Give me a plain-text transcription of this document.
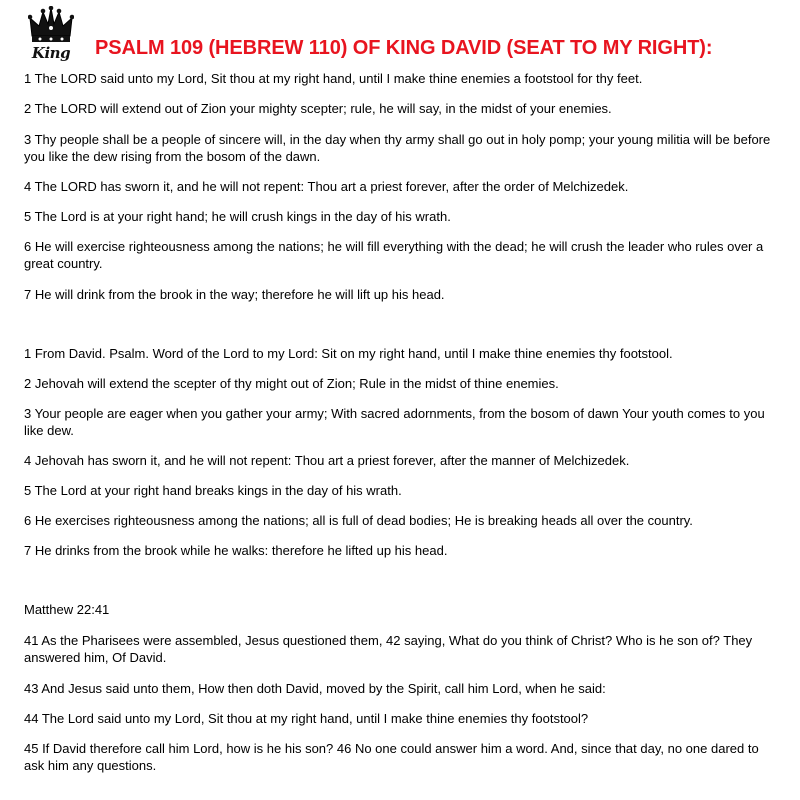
King PSALM 109 (HEBREW 110) OF KING DAVID (SEAT TO MY RIGHT):

1 The LORD said unto my Lord, Sit thou at my right hand, until I make thine enemies a footstool for thy feet.

2 The LORD will extend out of Zion your mighty scepter; rule, he will say, in the midst of your enemies.

3 Thy people shall be a people of sincere will, in the day when thy army shall go out in holy pomp; your young militia will be before you like the dew rising from the bosom of the dawn.

4 The LORD has sworn it, and he will not repent: Thou art a priest forever, after the order of Melchizedek.

5 The Lord is at your right hand; he will crush kings in the day of his wrath.

6 He will exercise righteousness among the nations; he will fill everything with the dead; he will crush the leader who rules over a great country.

7 He will drink from the brook in the way; therefore he will lift up his head.

1 From David. Psalm. Word of the Lord to my Lord: Sit on my right hand, until I make thine enemies thy footstool.

2 Jehovah will extend the scepter of thy might out of Zion; Rule in the midst of thine enemies.

3 Your people are eager when you gather your army; With sacred adornments, from the bosom of dawn Your youth comes to you like dew.

4 Jehovah has sworn it, and he will not repent: Thou art a priest forever, after the manner of Melchizedek.

5 The Lord at your right hand breaks kings in the day of his wrath.

6 He exercises righteousness among the nations; all is full of dead bodies; He is breaking heads all over the country.

7 He drinks from the brook while he walks: therefore he lifted up his head.

Matthew 22:41

41 As the Pharisees were assembled, Jesus questioned them, 42 saying, What do you think of Christ? Who is he son of? They answered him, Of David.

43 And Jesus said unto them, How then doth David, moved by the Spirit, call him Lord, when he said:

44 The Lord said unto my Lord, Sit thou at my right hand, until I make thine enemies thy footstool?

45 If David therefore call him Lord, how is he his son? 46 No one could answer him a word. And, since that day, no one dared to ask him any questions.
